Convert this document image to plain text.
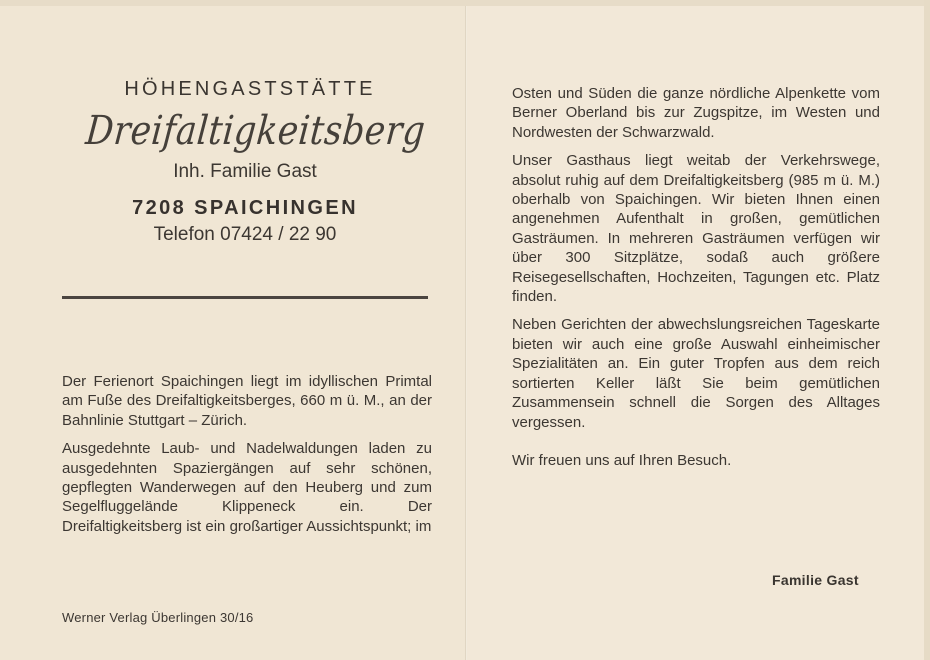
HÖHENGASTSTÄTTE
Dreifaltigkeitsberg
Inh. Familie Gast
7208 SPAICHINGEN
Telefon 07424 / 22 90

Der Ferienort Spaichingen liegt im idyllischen Primtal am Fuße des Dreifaltigkeitsberges, 660 m ü. M., an der Bahnlinie Stuttgart – Zürich.

Ausgedehnte Laub- und Nadelwaldungen laden zu ausgedehnten Spaziergängen auf sehr schönen, gepflegten Wanderwegen auf den Heuberg und zum Segelfluggelände Klippeneck ein. Der Dreifaltigkeitsberg ist ein großartiger Aussichtspunkt; im

Werner Verlag Überlingen 30/16

Osten und Süden die ganze nördliche Alpenkette vom Berner Oberland bis zur Zugspitze, im Westen und Nordwesten der Schwarzwald.

Unser Gasthaus liegt weitab der Verkehrswege, absolut ruhig auf dem Dreifaltigkeitsberg (985 m ü. M.) oberhalb von Spaichingen. Wir bieten Ihnen einen angenehmen Aufenthalt in großen, gemütlichen Gasträumen. In mehreren Gasträumen verfügen wir über 300 Sitzplätze, sodaß auch größere Reisegesellschaften, Hochzeiten, Tagungen etc. Platz finden.

Neben Gerichten der abwechslungsreichen Tageskarte bieten wir auch eine große Auswahl einheimischer Spezialitäten an. Ein guter Tropfen aus dem reich sortierten Keller läßt Sie beim gemütlichen Zusammensein schnell die Sorgen des Alltages vergessen.

Wir freuen uns auf Ihren Besuch.

Familie Gast
